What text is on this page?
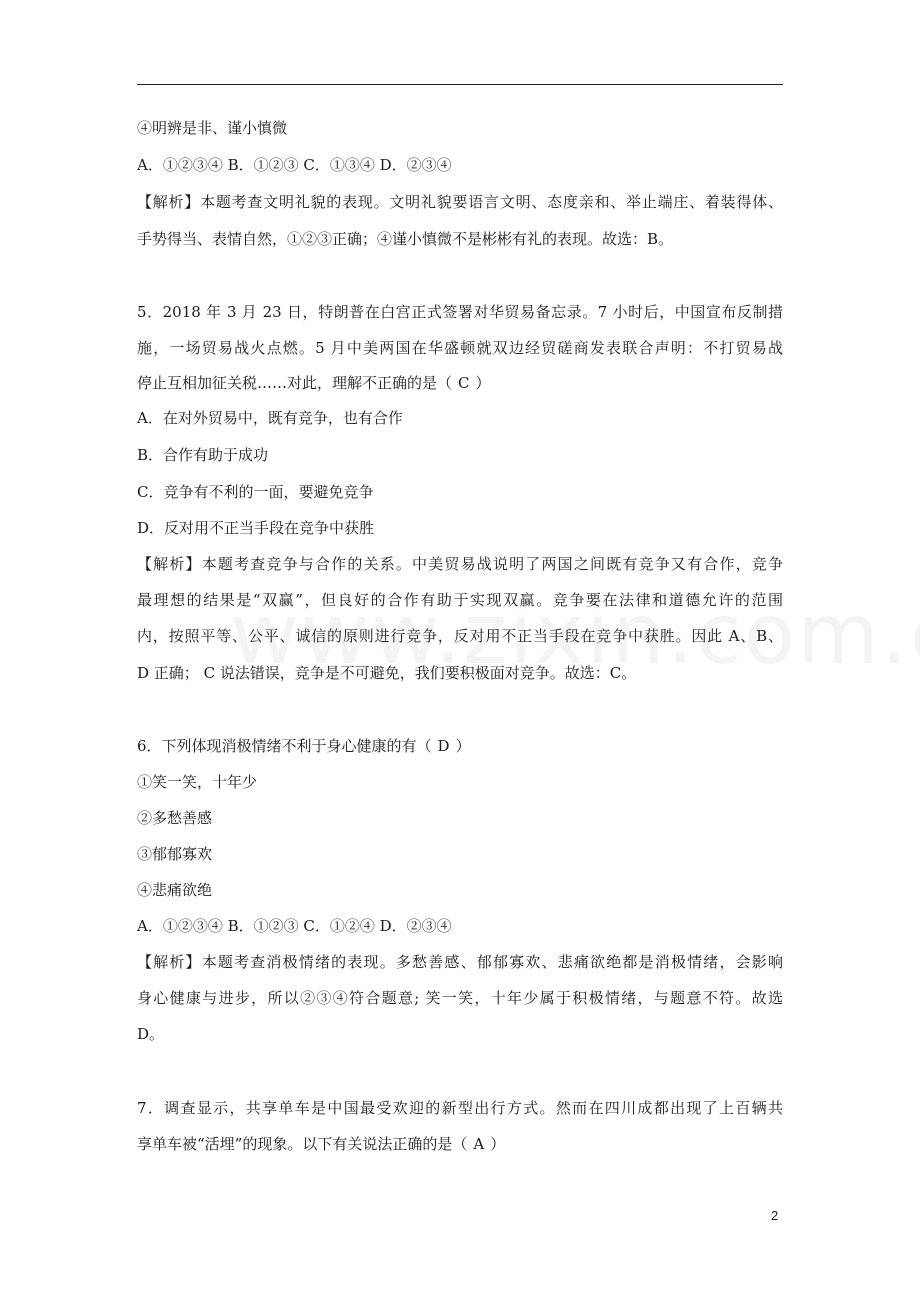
④明辨是非、谨小慎微
A．①②③④ B．①②③ C．①③④ D．②③④
【解析】本题考查文明礼貌的表现。文明礼貌要语言文明、态度亲和、举止端庄、着装得体、
手势得当、表情自然，①②③正确；④谨小慎微不是彬彬有礼的表现。故选：B。
5．2018 年 3 月 23 日，特朗普在白宫正式签署对华贸易备忘录。7 小时后，中国宣布反制措
施，一场贸易战火点燃。5 月中美两国在华盛顿就双边经贸磋商发表联合声明：不打贸易战
停止互相加征关税……对此，理解不正确的是（ C ）
A．在对外贸易中，既有竞争，也有合作
B．合作有助于成功
C．竞争有不利的一面，要避免竞争
D．反对用不正当手段在竞争中获胜
【解析】本题考查竞争与合作的关系。中美贸易战说明了两国之间既有竞争又有合作，竞争
最理想的结果是“双赢”，但良好的合作有助于实现双赢。竞争要在法律和道德允许的范围
内，按照平等、公平、诚信的原则进行竞争，反对用不正当手段在竞争中获胜。因此 A、B、
D 正确； C 说法错误，竞争是不可避免，我们要积极面对竞争。故选：C。
6．下列体现消极情绪不利于身心健康的有（ D ）
①笑一笑，十年少
②多愁善感
③郁郁寡欢
④悲痛欲绝
A．①②③④ B．①②③ C．①②④ D．②③④
【解析】本题考查消极情绪的表现。多愁善感、郁郁寡欢、悲痛欲绝都是消极情绪，会影响
身心健康与进步，所以②③④符合题意; 笑一笑，十年少属于积极情绪，与题意不符。故选
D。
7．调查显示，共享单车是中国最受欢迎的新型出行方式。然而在四川成都出现了上百辆共
享单车被“活埋”的现象。以下有关说法正确的是（ A ）
2
